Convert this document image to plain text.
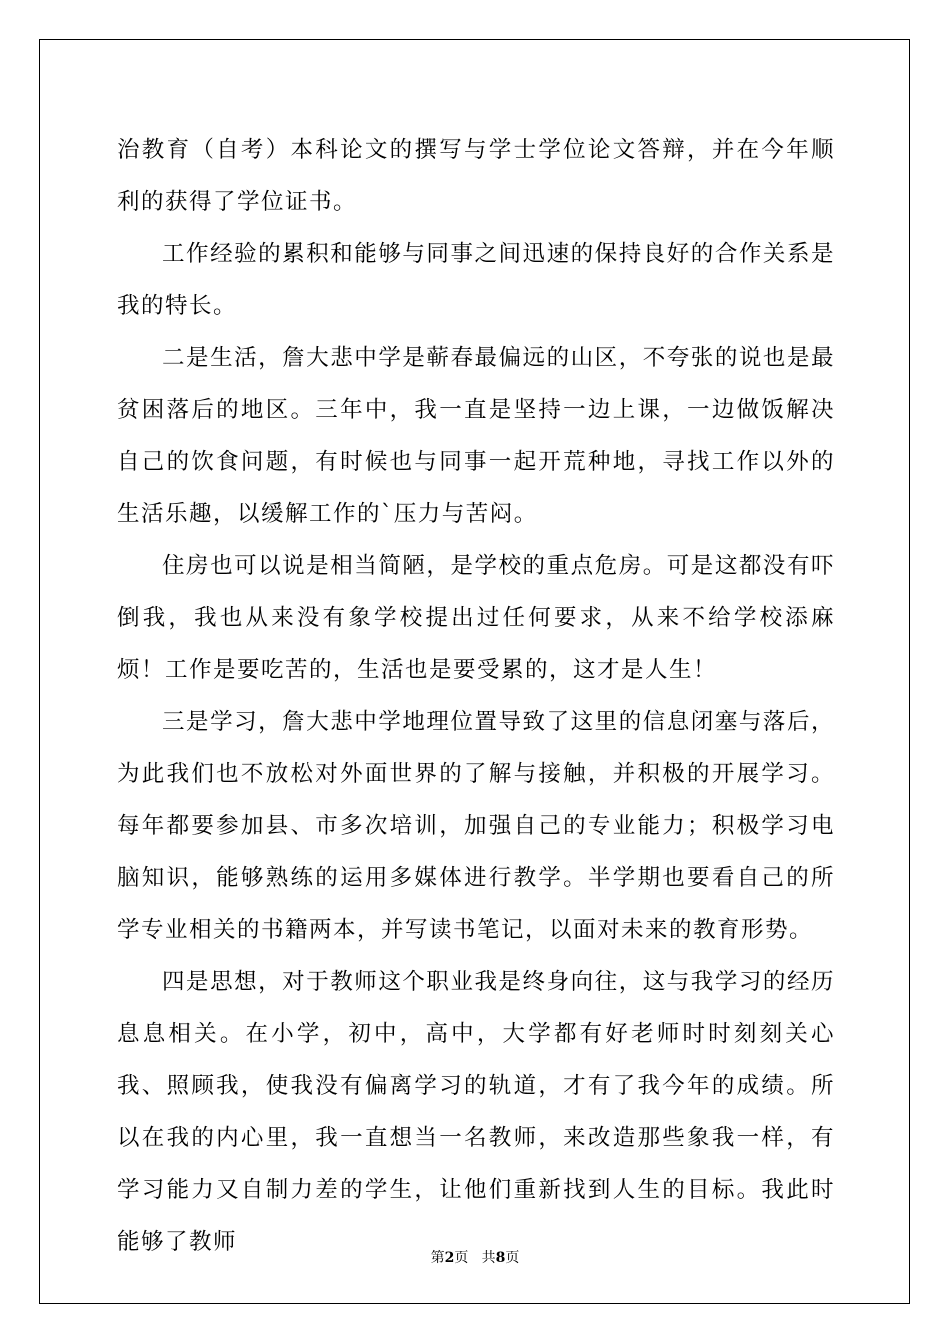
治教育（自考）本科论文的撰写与学士学位论文答辩，并在今年顺利的获得了学位证书。

工作经验的累积和能够与同事之间迅速的保持良好的合作关系是我的特长。

二是生活，詹大悲中学是蕲春最偏远的山区，不夸张的说也是最贫困落后的地区。三年中，我一直是坚持一边上课，一边做饭解决自己的饮食问题，有时候也与同事一起开荒种地，寻找工作以外的生活乐趣，以缓解工作的`压力与苦闷。

住房也可以说是相当简陋，是学校的重点危房。可是这都没有吓倒我，我也从来没有象学校提出过任何要求，从来不给学校添麻烦！工作是要吃苦的，生活也是要受累的，这才是人生！

三是学习，詹大悲中学地理位置导致了这里的信息闭塞与落后，为此我们也不放松对外面世界的了解与接触，并积极的开展学习。每年都要参加县、市多次培训，加强自己的专业能力；积极学习电脑知识，能够熟练的运用多媒体进行教学。半学期也要看自己的所学专业相关的书籍两本，并写读书笔记，以面对未来的教育形势。

四是思想，对于教师这个职业我是终身向往，这与我学习的经历息息相关。在小学，初中，高中，大学都有好老师时时刻刻关心我、照顾我，使我没有偏离学习的轨道，才有了我今年的成绩。所以在我的内心里，我一直想当一名教师，来改造那些象我一样，有学习能力又自制力差的学生，让他们重新找到人生的目标。我此时能够了教师

第2页 共8页
